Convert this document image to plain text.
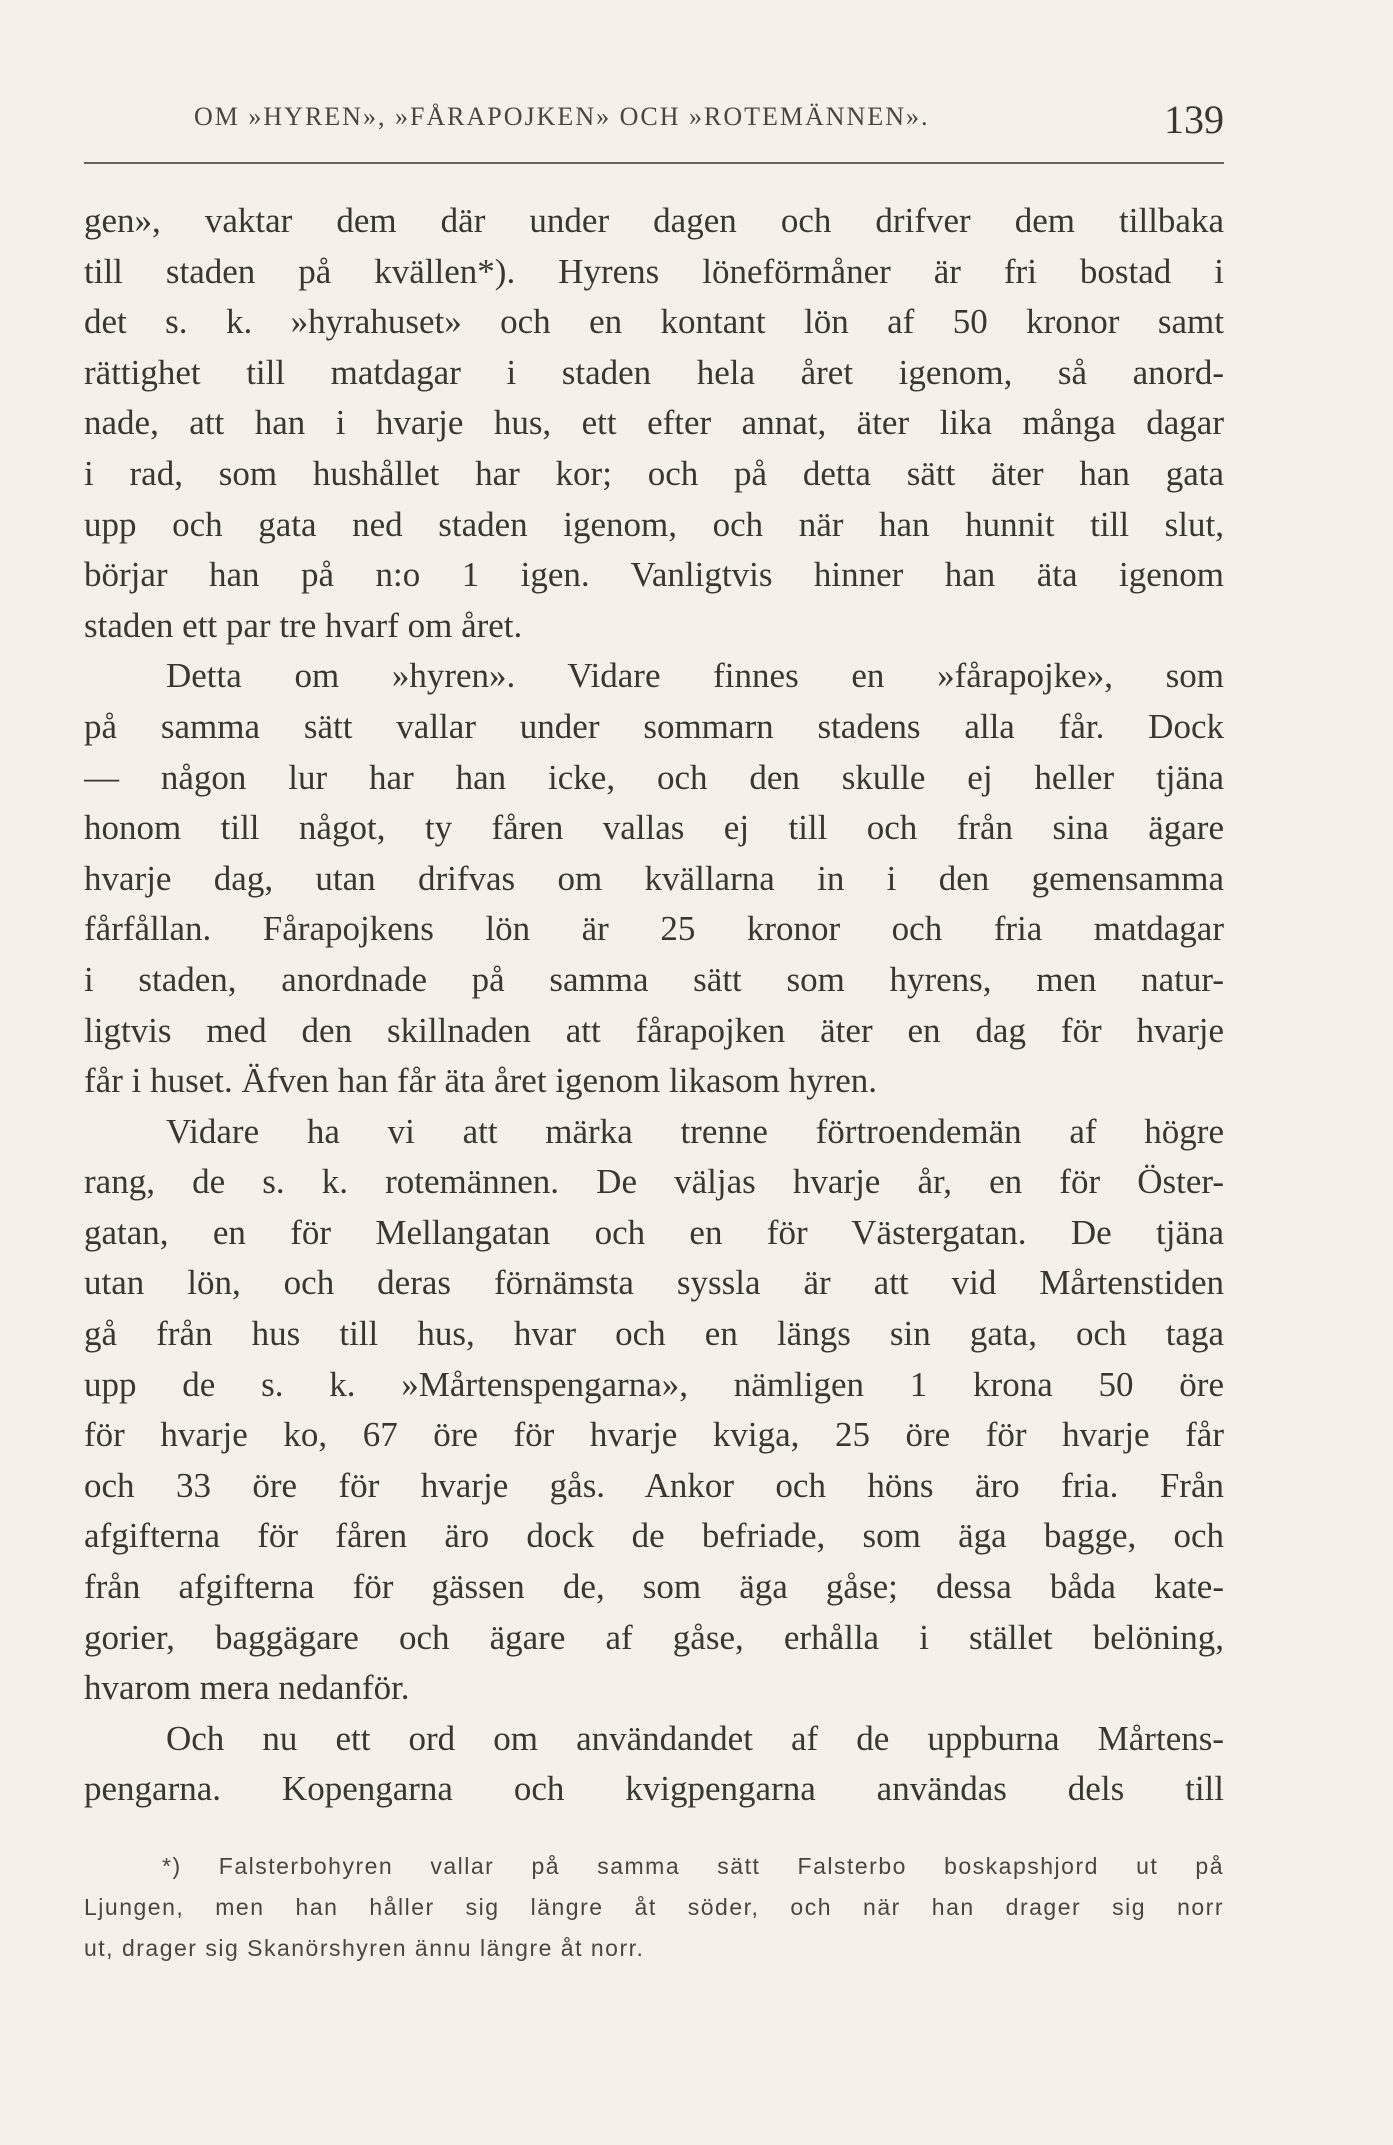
OM »HYREN», »FÅRAPOJKEN» OCH »ROTEMÄNNEN».	139
gen», vaktar dem där under dagen och drifver dem tillbaka
till staden på kvällen*). Hyrens löneförmåner är fri bostad i
det s. k. »hyrahuset» och en kontant lön af 50 kronor samt
rättighet till matdagar i staden hela året igenom, så anord-
nade, att han i hvarje hus, ett efter annat, äter lika många dagar
i rad, som hushållet har kor; och på detta sätt äter han gata
upp och gata ned staden igenom, och när han hunnit till slut,
börjar han på n:o 1 igen. Vanligtvis hinner han äta igenom
staden ett par tre hvarf om året.
Detta om »hyren». Vidare finnes en »fårapojke», som
på samma sätt vallar under sommarn stadens alla får. Dock
— någon lur har han icke, och den skulle ej heller tjäna
honom till något, ty fåren vallas ej till och från sina ägare
hvarje dag, utan drifvas om kvällarna in i den gemensamma
fårfållan. Fårapojkens lön är 25 kronor och fria matdagar
i staden, anordnade på samma sätt som hyrens, men natur-
ligtvis med den skillnaden att fårapojken äter en dag för hvarje
får i huset. Äfven han får äta året igenom likasom hyren.
Vidare ha vi att märka trenne förtroendemän af högre
rang, de s. k. rotemännen. De väljas hvarje år, en för Öster-
gatan, en för Mellangatan och en för Västergatan. De tjäna
utan lön, och deras förnämsta syssla är att vid Mårtenstiden
gå från hus till hus, hvar och en längs sin gata, och taga
upp de s. k. »Mårtenspengarna», nämligen 1 krona 50 öre
för hvarje ko, 67 öre för hvarje kviga, 25 öre för hvarje får
och 33 öre för hvarje gås. Ankor och höns äro fria. Från
afgifterna för fåren äro dock de befriade, som äga bagge, och
från afgifterna för gässen de, som äga gåse; dessa båda kate-
gorier, baggägare och ägare af gåse, erhålla i stället belöning,
hvarom mera nedanför.
Och nu ett ord om användandet af de uppburna Mårtens-
pengarna. Kopengarna och kvigpengarna användas dels till
*) Falsterbohyren vallar på samma sätt Falsterbo boskapshjord ut på
Ljungen, men han håller sig längre åt söder, och när han drager sig norr
ut, drager sig Skanörshyren ännu längre åt norr.
